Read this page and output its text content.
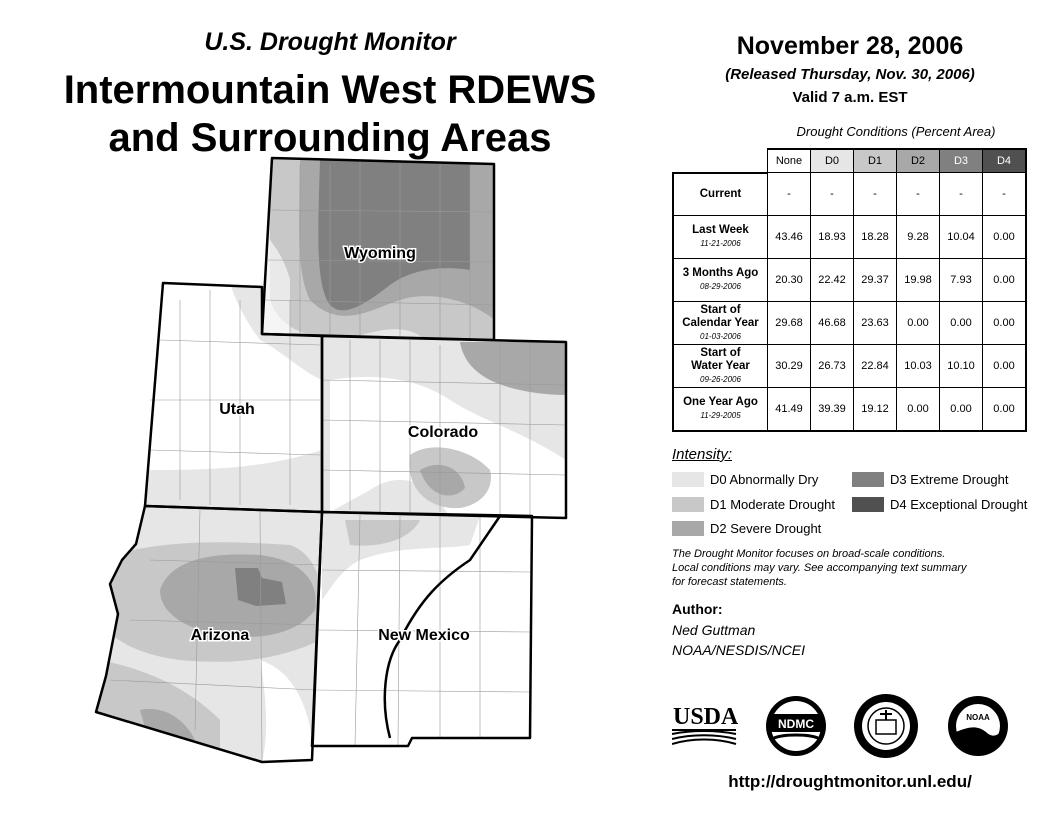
U.S. Drought Monitor
Intermountain West RDEWS
and Surrounding Areas
Wyoming
Utah
Colorado
Arizona	New Mexico
November 28, 2006
(Released Thursday, Nov. 30, 2006)
Valid 7 a.m. EST
Drought Conditions (Percent Area)
	None	D0	D1	D2	D3	D4
Current	-	-	-	-	-	-
Last Week
11-21-2006	43.46	18.93	18.28	9.28	10.04	0.00
3 Months Ago
08-29-2006	20.30	22.42	29.37	19.98	7.93	0.00
Start of
Calendar Year
01-03-2006	29.68	46.68	23.63	0.00	0.00	0.00
Start of
Water Year
09-26-2006	30.29	26.73	22.84	10.03	10.10	0.00
One Year Ago
11-29-2005	41.49	39.39	19.12	0.00	0.00	0.00
Intensity:
D0 Abnormally Dry
D1 Moderate Drought
D2 Severe Drought
D3 Extreme Drought
D4 Exceptional Drought
The Drought Monitor focuses on broad-scale conditions.
Local conditions may vary. See accompanying text summary
for forecast statements.
Author:
Ned Guttman
NOAA/NESDIS/NCEI
USDA	NDMC	NOAA
http://droughtmonitor.unl.edu/
